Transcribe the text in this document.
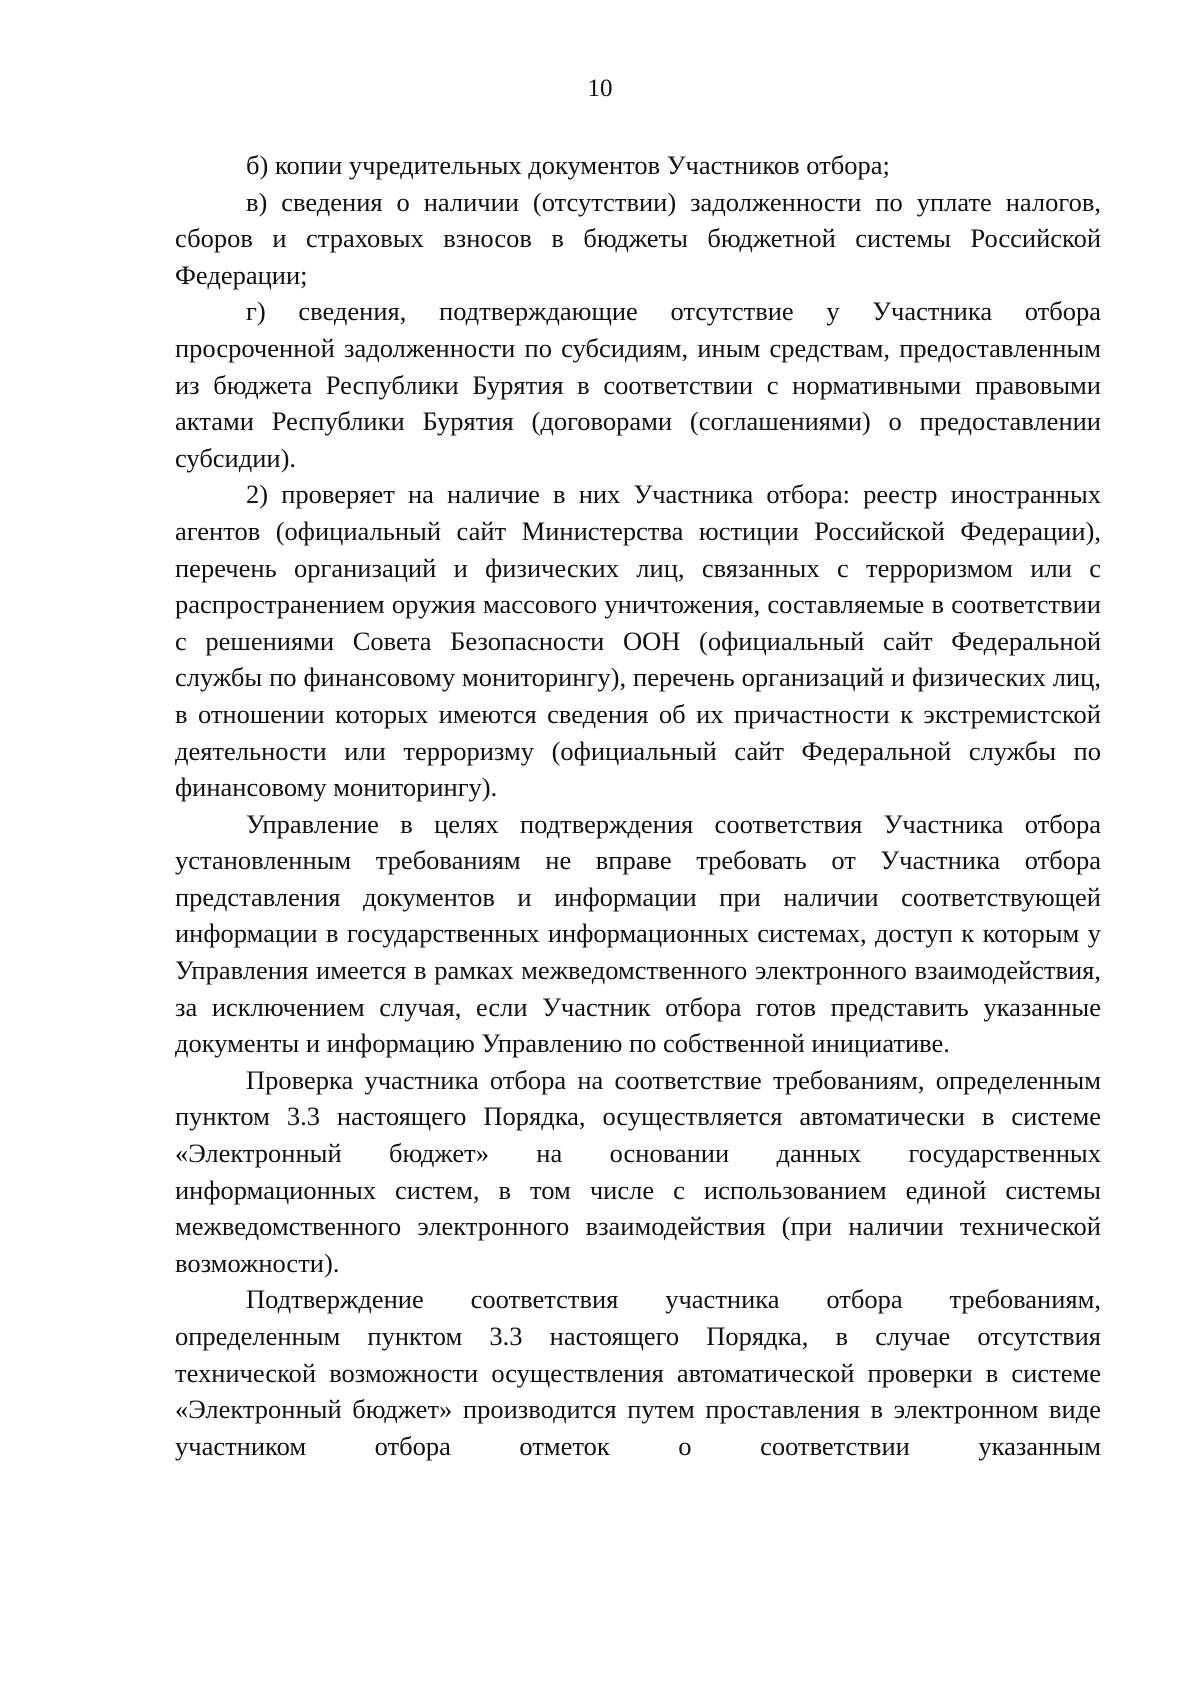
10

б) копии учредительных документов Участников отбора;

в) сведения о наличии (отсутствии) задолженности по уплате налогов, сборов и страховых взносов в бюджеты бюджетной системы Российской Федерации;

г) сведения, подтверждающие отсутствие у Участника отбора просроченной задолженности по субсидиям, иным средствам, предоставленным из бюджета Республики Бурятия в соответствии с нормативными правовыми актами Республики Бурятия (договорами (соглашениями) о предоставлении субсидии).

2) проверяет на наличие в них Участника отбора: реестр иностранных агентов (официальный сайт Министерства юстиции Российской Федерации), перечень организаций и физических лиц, связанных с терроризмом или с распространением оружия массового уничтожения, составляемые в соответствии с решениями Совета Безопасности ООН (официальный сайт Федеральной службы по финансовому мониторингу), перечень организаций и физических лиц, в отношении которых имеются сведения об их причастности к экстремистской деятельности или терроризму (официальный сайт Федеральной службы по финансовому мониторингу).

Управление в целях подтверждения соответствия Участника отбора установленным требованиям не вправе требовать от Участника отбора представления документов и информации при наличии соответствующей информации в государственных информационных системах, доступ к которым у Управления имеется в рамках межведомственного электронного взаимодействия, за исключением случая, если Участник отбора готов представить указанные документы и информацию Управлению по собственной инициативе.

Проверка участника отбора на соответствие требованиям, определенным пунктом 3.3 настоящего Порядка, осуществляется автоматически в системе «Электронный бюджет» на основании данных государственных информационных систем, в том числе с использованием единой системы межведомственного электронного взаимодействия (при наличии технической возможности).

Подтверждение соответствия участника отбора требованиям, определенным пунктом 3.3 настоящего Порядка, в случае отсутствия технической возможности осуществления автоматической проверки в системе «Электронный бюджет» производится путем проставления в электронном виде участником отбора отметок о соответствии указанным
